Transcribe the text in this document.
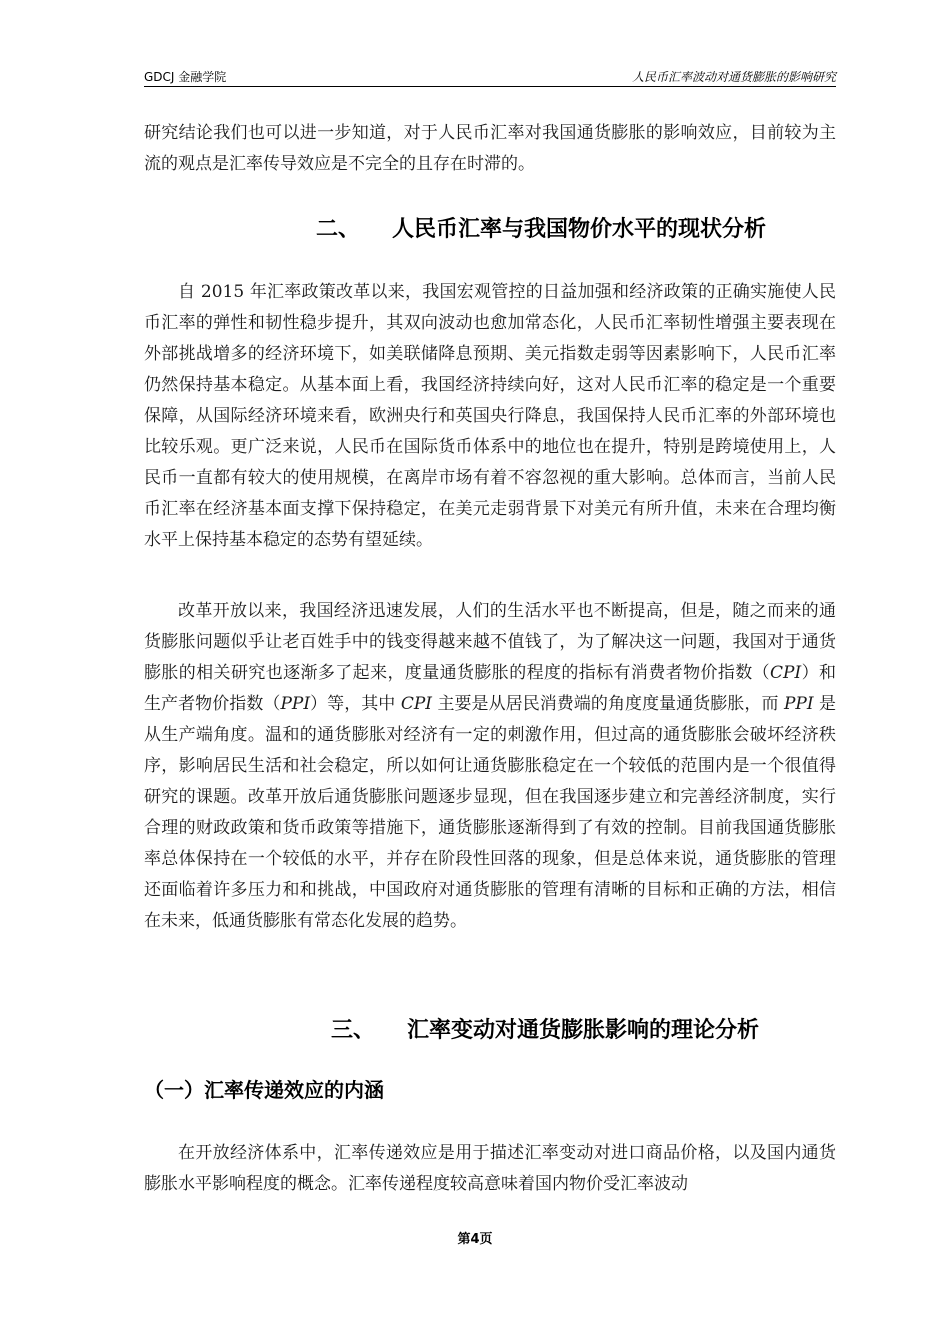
GDCJ 金融学院	人民币汇率波动对通货膨胀的影响研究

研究结论我们也可以进一步知道，对于人民币汇率对我国通货膨胀的影响效应，目前较为主流的观点是汇率传导效应是不完全的且存在时滞的。

二、 人民币汇率与我国物价水平的现状分析

自 2015 年汇率政策改革以来，我国宏观管控的日益加强和经济政策的正确实施使人民币汇率的弹性和韧性稳步提升，其双向波动也愈加常态化，人民币汇率韧性增强主要表现在外部挑战增多的经济环境下，如美联储降息预期、美元指数走弱等因素影响下，人民币汇率仍然保持基本稳定。从基本面上看，我国经济持续向好，这对人民币汇率的稳定是一个重要保障，从国际经济环境来看，欧洲央行和英国央行降息，我国保持人民币汇率的外部环境也比较乐观。更广泛来说，人民币在国际货币体系中的地位也在提升，特别是跨境使用上，人民币一直都有较大的使用规模，在离岸市场有着不容忽视的重大影响。总体而言，当前人民币汇率在经济基本面支撑下保持稳定，在美元走弱背景下对美元有所升值，未来在合理均衡水平上保持基本稳定的态势有望延续。

改革开放以来，我国经济迅速发展，人们的生活水平也不断提高，但是，随之而来的通货膨胀问题似乎让老百姓手中的钱变得越来越不值钱了，为了解决这一问题，我国对于通货膨胀的相关研究也逐渐多了起来，度量通货膨胀的程度的指标有消费者物价指数（CPI）和生产者物价指数（PPI）等，其中 CPI 主要是从居民消费端的角度度量通货膨胀，而 PPI 是从生产端角度。温和的通货膨胀对经济有一定的刺激作用，但过高的通货膨胀会破坏经济秩序，影响居民生活和社会稳定，所以如何让通货膨胀稳定在一个较低的范围内是一个很值得研究的课题。改革开放后通货膨胀问题逐步显现，但在我国逐步建立和完善经济制度，实行合理的财政政策和货币政策等措施下，通货膨胀逐渐得到了有效的控制。目前我国通货膨胀率总体保持在一个较低的水平，并存在阶段性回落的现象，但是总体来说，通货膨胀的管理还面临着许多压力和和挑战，中国政府对通货膨胀的管理有清晰的目标和正确的方法，相信在未来，低通货膨胀有常态化发展的趋势。

三、 汇率变动对通货膨胀影响的理论分析
（一）汇率传递效应的内涵

在开放经济体系中，汇率传递效应是用于描述汇率变动对进口商品价格，以及国内通货膨胀水平影响程度的概念。汇率传递程度较高意味着国内物价受汇率波动

第4页
